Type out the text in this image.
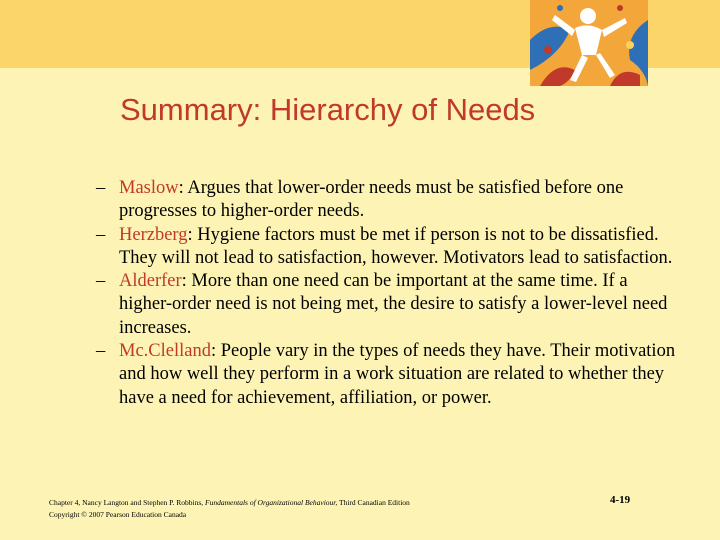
Summary: Hierarchy of Needs
– Maslow: Argues that lower-order needs must be satisfied before one progresses to higher-order needs.
– Herzberg: Hygiene factors must be met if person is not to be dissatisfied. They will not lead to satisfaction, however. Motivators lead to satisfaction.
– Alderfer: More than one need can be important at the same time. If a higher-order need is not being met, the desire to satisfy a lower-level need increases.
– Mc.Clelland: People vary in the types of needs they have. Their motivation and how well they perform in a work situation are related to whether they have a need for achievement, affiliation, or power.
Chapter 4, Nancy Langton and Stephen P. Robbins, Fundamentals of Organizational Behaviour, Third Canadian Edition
Copyright © 2007 Pearson Education Canada
4-19
